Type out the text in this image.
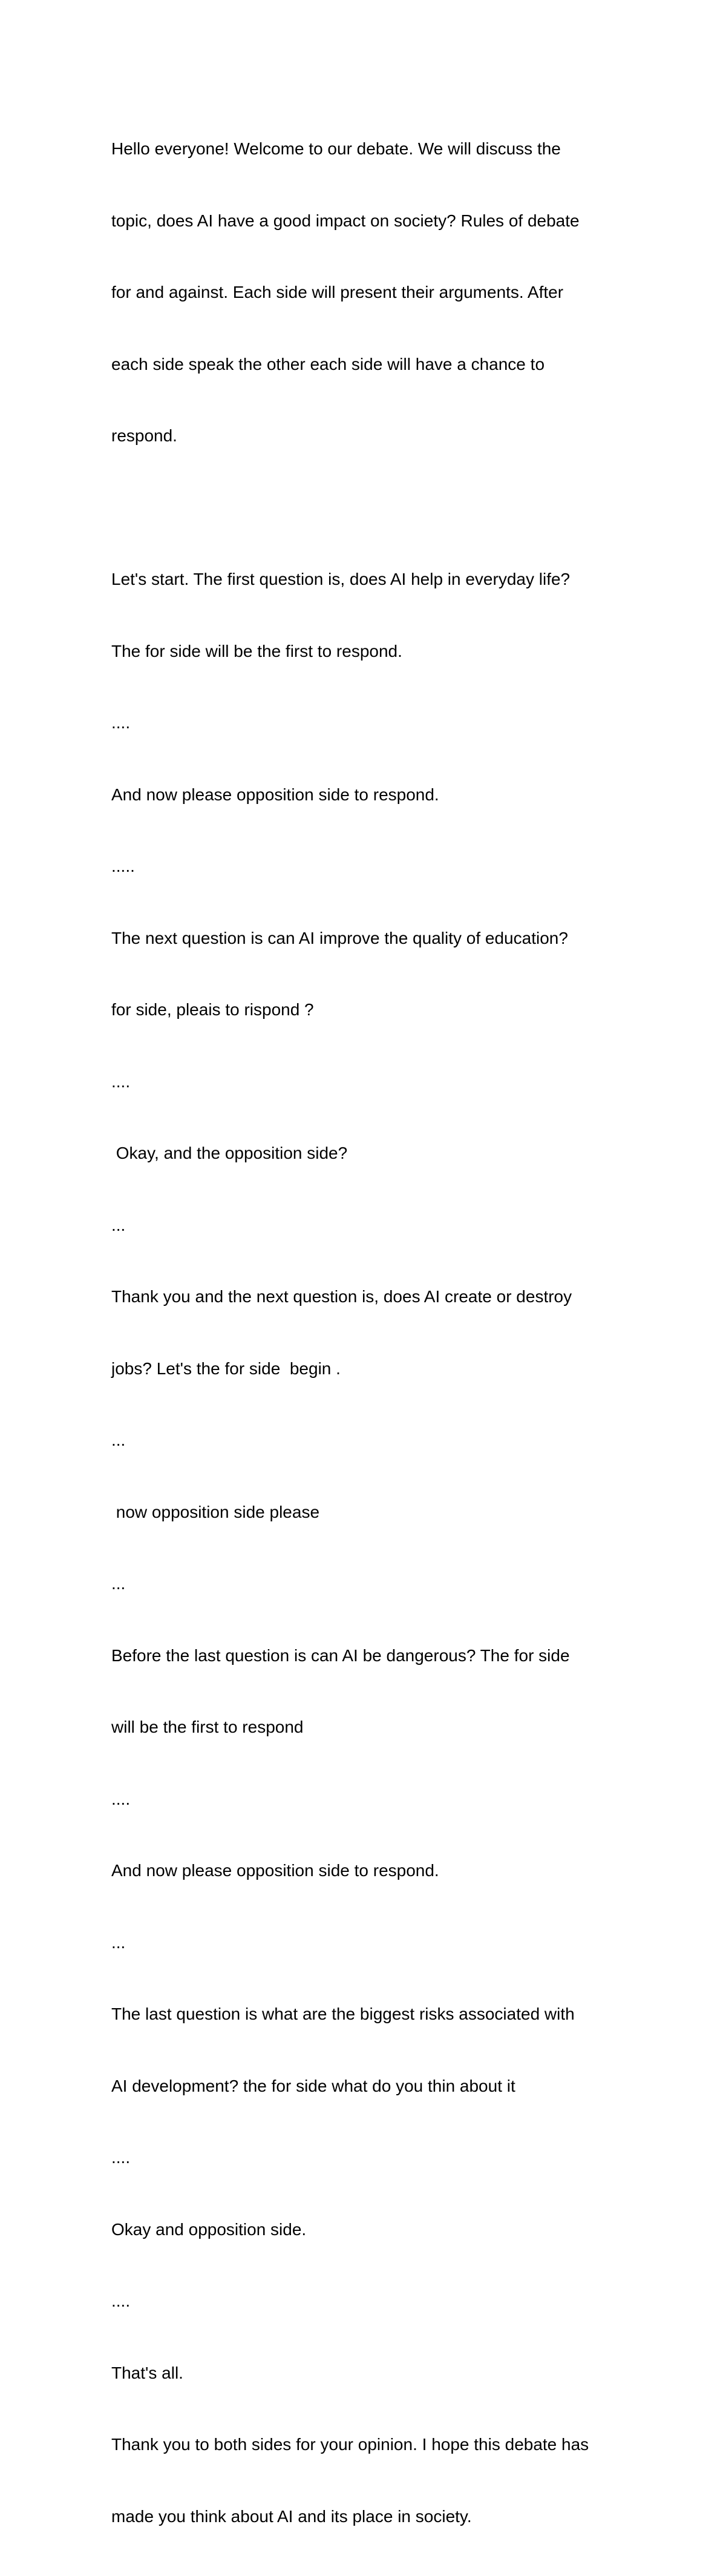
Hello everyone! Welcome to our debate. We will discuss the

topic, does AI have a good impact on society? Rules of debate

for and against. Each side will present their arguments. After

each side speak the other each side will have a chance to

respond.

Let's start. The first question is, does AI help in everyday life?

The for side will be the first to respond.

....

And now please opposition side to respond.

.....

The next question is can AI improve the quality of education?

for side, pleais to rispond ?

....

Okay, and the opposition side?

...

Thank you and the next question is, does AI create or destroy

jobs? Let's the for side  begin .

...

now opposition side please

...

Before the last question is can AI be dangerous? The for side

will be the first to respond

....

And now please opposition side to respond.

...

The last question is what are the biggest risks associated with

AI development? the for side what do you thin about it

....

Okay and opposition side.

....

That's all.

Thank you to both sides for your opinion. I hope this debate has

made you think about AI and its place in society.
